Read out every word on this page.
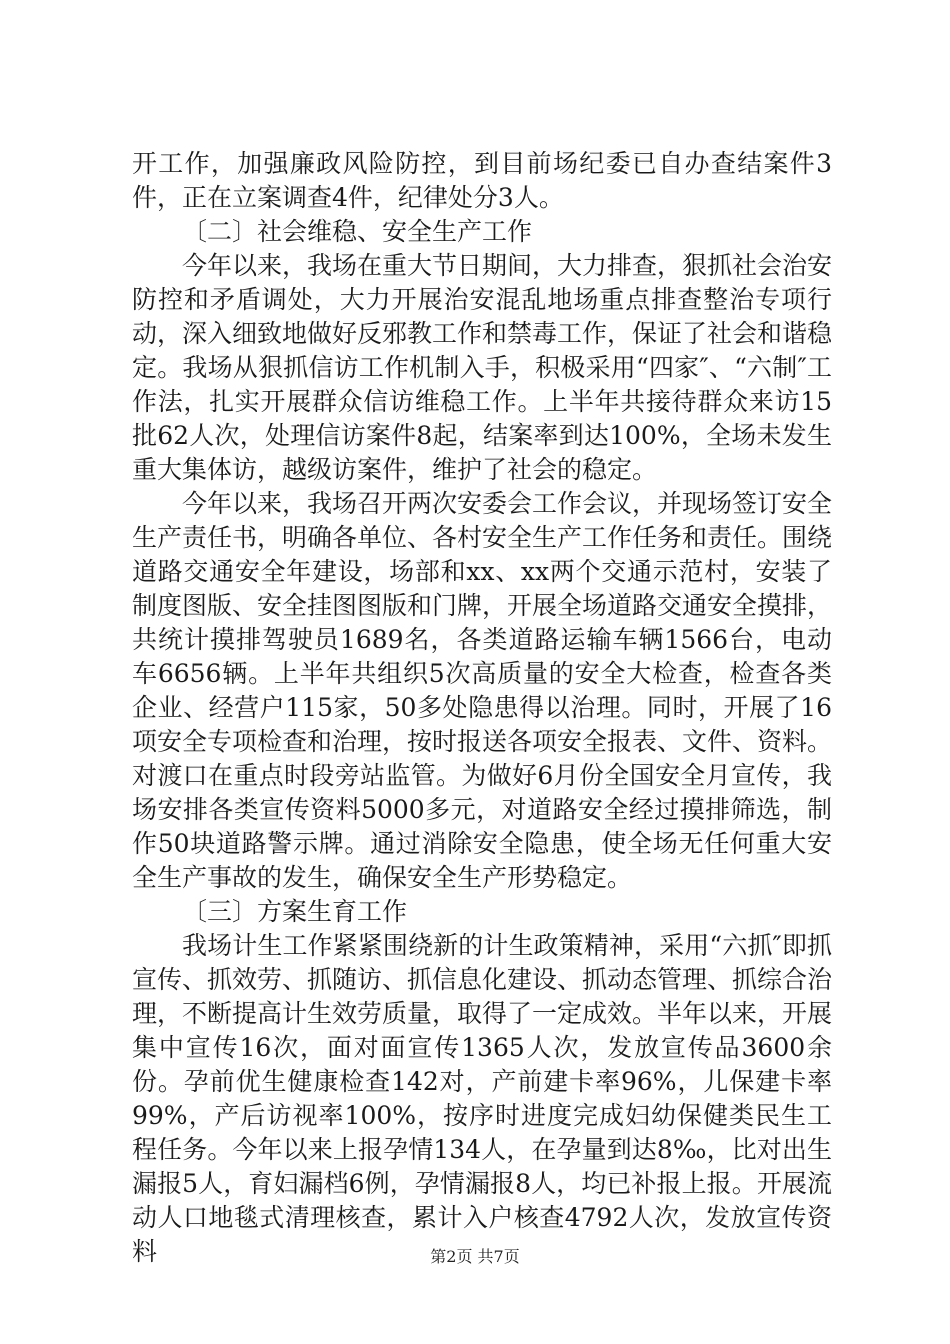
开工作，加强廉政风险防控，到目前场纪委已自办查结案件3件，正在立案调查4件，纪律处分3人。

〔二〕社会维稳、安全生产工作

今年以来，我场在重大节日期间，大力排查，狠抓社会治安防控和矛盾调处，大力开展治安混乱地场重点排查整治专项行动，深入细致地做好反邪教工作和禁毒工作，保证了社会和谐稳定。我场从狠抓信访工作机制入手，积极采用“四家″、“六制″工作法，扎实开展群众信访维稳工作。上半年共接待群众来访15批62人次，处理信访案件8起，结案率到达100%，全场未发生重大集体访，越级访案件，维护了社会的稳定。

今年以来，我场召开两次安委会工作会议，并现场签订安全生产责任书，明确各单位、各村安全生产工作任务和责任。围绕道路交通安全年建设，场部和xx、xx两个交通示范村，安装了制度图版、安全挂图图版和门牌，开展全场道路交通安全摸排，共统计摸排驾驶员1689名，各类道路运输车辆1566台，电动车6656辆。上半年共组织5次高质量的安全大检查，检查各类企业、经营户115家，50多处隐患得以治理。同时，开展了16项安全专项检查和治理，按时报送各项安全报表、文件、资料。对渡口在重点时段旁站监管。为做好6月份全国安全月宣传，我场安排各类宣传资料5000多元，对道路安全经过摸排筛选，制作50块道路警示牌。通过消除安全隐患，使全场无任何重大安全生产事故的发生，确保安全生产形势稳定。

〔三〕方案生育工作

我场计生工作紧紧围绕新的计生政策精神，采用“六抓″即抓宣传、抓效劳、抓随访、抓信息化建设、抓动态管理、抓综合治理，不断提高计生效劳质量，取得了一定成效。半年以来，开展集中宣传16次，面对面宣传1365人次，发放宣传品3600余份。孕前优生健康检查142对，产前建卡率96%，儿保建卡率99%，产后访视率100%，按序时进度完成妇幼保健类民生工程任务。今年以来上报孕情134人，在孕量到达8‰，比对出生漏报5人，育妇漏档6例，孕情漏报8人，均已补报上报。开展流动人口地毯式清理核查，累计入户核查4792人次，发放宣传资料	第2页 共7页
